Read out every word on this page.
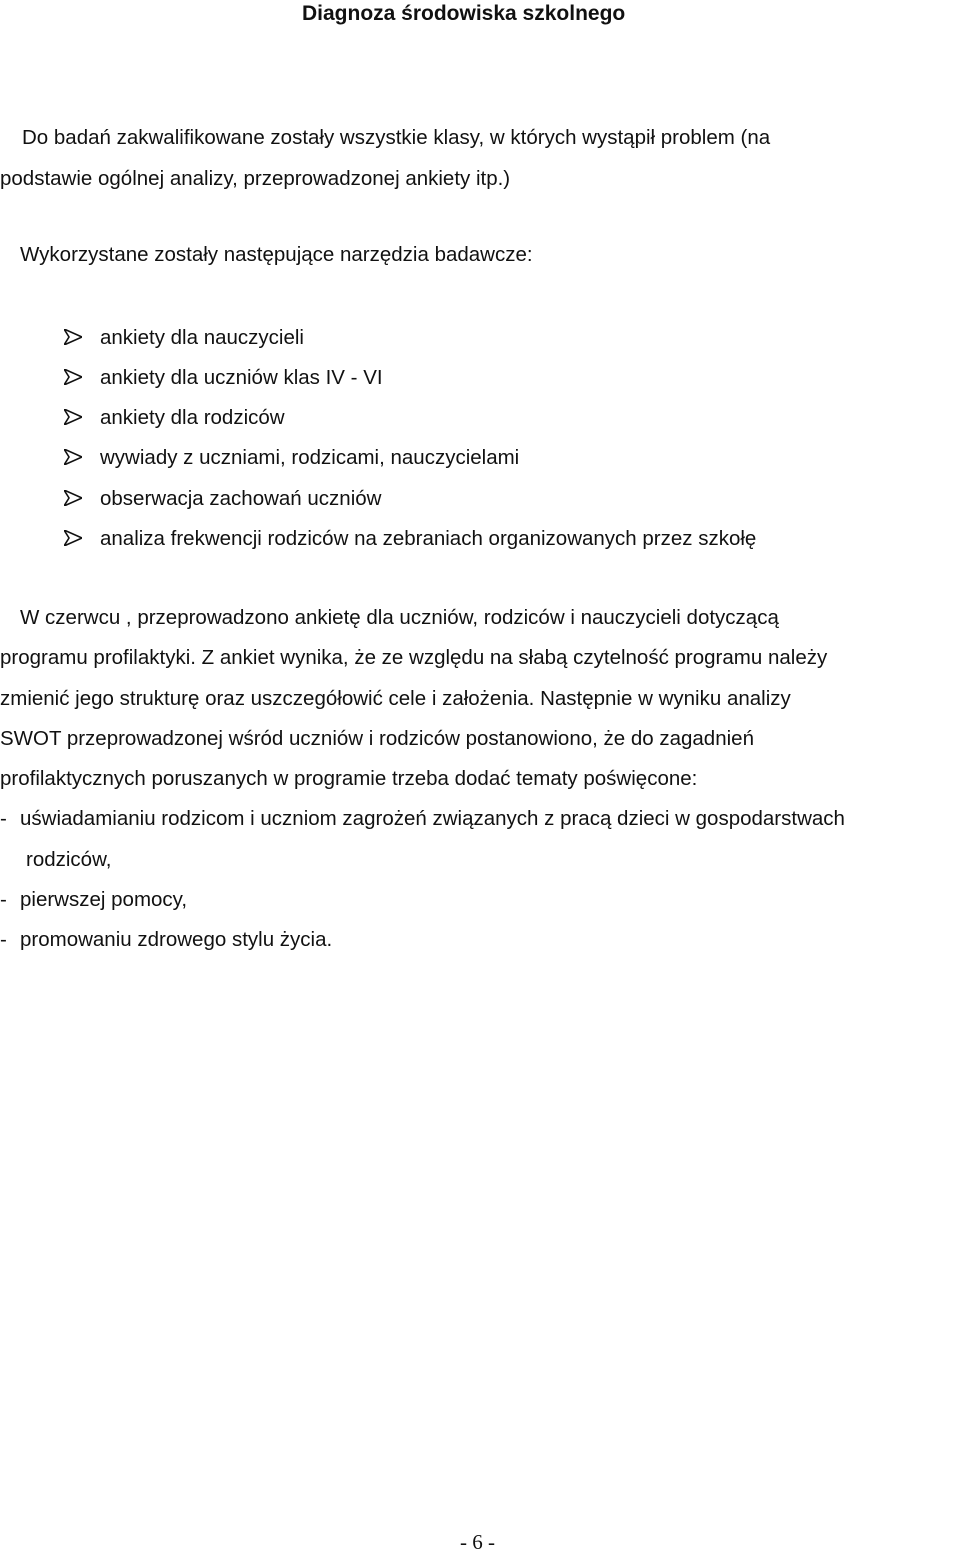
Diagnoza środowiska szkolnego
Do badań zakwalifikowane zostały wszystkie klasy, w których wystąpił problem (na
podstawie ogólnej analizy, przeprowadzonej ankiety itp.)
Wykorzystane zostały następujące narzędzia badawcze:
ankiety dla nauczycieli
ankiety dla uczniów klas IV - VI
ankiety dla rodziców
wywiady z uczniami, rodzicami, nauczycielami
obserwacja zachowań uczniów
analiza frekwencji rodziców na zebraniach organizowanych przez szkołę
W czerwcu , przeprowadzono ankietę dla uczniów, rodziców i nauczycieli dotyczącą
programu profilaktyki. Z ankiet wynika, że ze względu na słabą czytelność programu należy
zmienić jego strukturę oraz uszczegółowić cele i założenia. Następnie w wyniku analizy
SWOT przeprowadzonej wśród uczniów i rodziców postanowiono, że do zagadnień
profilaktycznych poruszanych w programie trzeba dodać tematy poświęcone:
- uświadamianiu rodzicom i uczniom zagrożeń związanych z pracą dzieci w gospodarstwach
rodziców,
- pierwszej pomocy,
- promowaniu zdrowego stylu życia.
- 6 -
